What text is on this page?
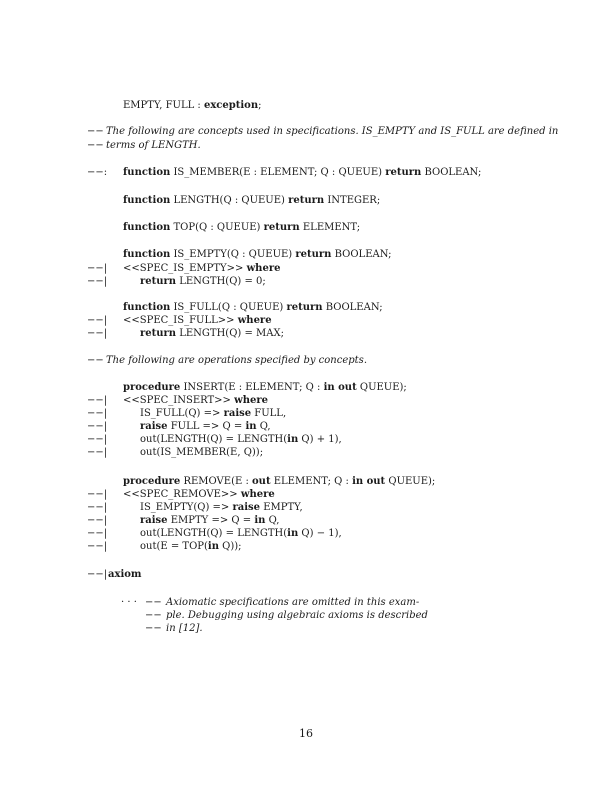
EMPTY, FULL : exception;
−− The following are concepts used in specifications. IS_EMPTY and IS_FULL are defined in
−− terms of LENGTH.
−−: function IS_MEMBER(E : ELEMENT; Q : QUEUE) return BOOLEAN;
function LENGTH(Q : QUEUE) return INTEGER;
function TOP(Q : QUEUE) return ELEMENT;
function IS_EMPTY(Q : QUEUE) return BOOLEAN;
−−| <<SPEC_IS_EMPTY>> where
−−|	return LENGTH(Q) = 0;
function IS_FULL(Q : QUEUE) return BOOLEAN;
−−| <<SPEC_IS_FULL>> where
−−|	return LENGTH(Q) = MAX;
−− The following are operations specified by concepts.
procedure INSERT(E : ELEMENT; Q : in out QUEUE);
−−| <<SPEC_INSERT>> where
−−|	IS_FULL(Q) => raise FULL,
−−|	raise FULL => Q = in Q,
−−|	out(LENGTH(Q) = LENGTH(in Q) + 1),
−−|	out(IS_MEMBER(E, Q));
procedure REMOVE(E : out ELEMENT; Q : in out QUEUE);
−−| <<SPEC_REMOVE>> where
−−|	IS_EMPTY(Q) => raise EMPTY,
−−|	raise EMPTY => Q = in Q,
−−|	out(LENGTH(Q) = LENGTH(in Q) − 1),
−−|	out(E = TOP(in Q));
−−| axiom
· · · −− Axiomatic specifications are omitted in this exam-
−− ple. Debugging using algebraic axioms is described
−− in [12].
16
